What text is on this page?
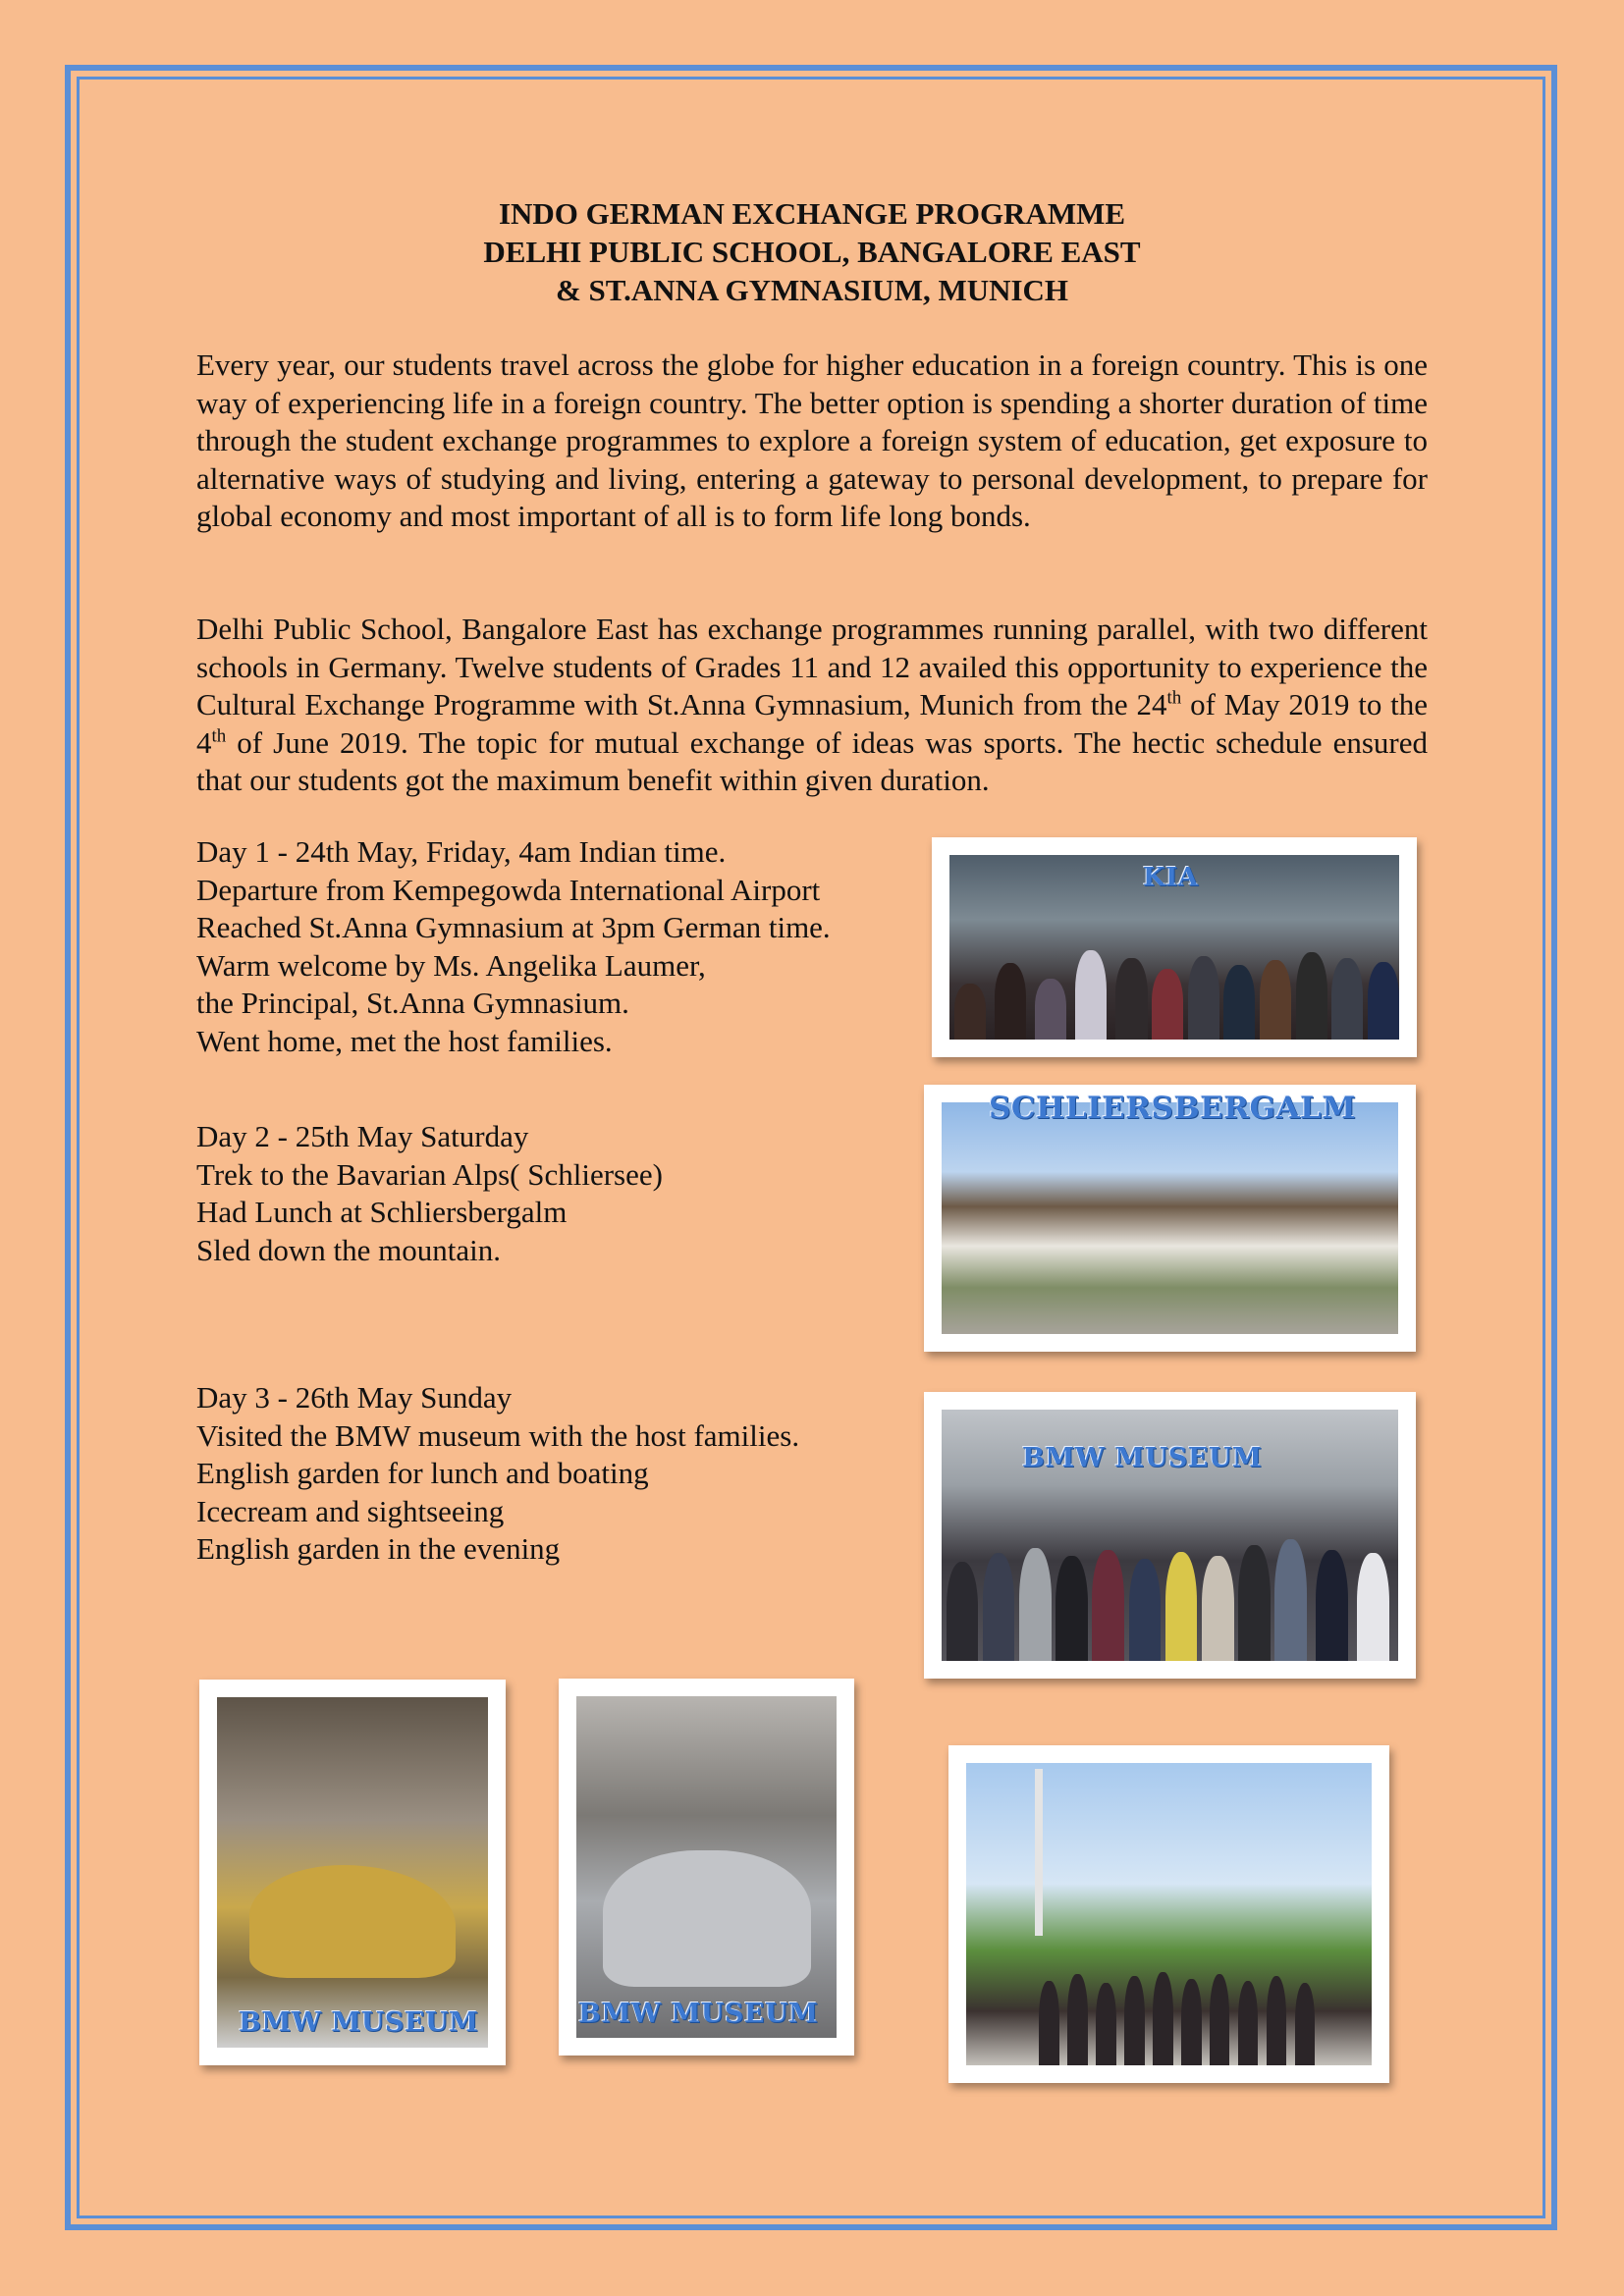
INDO GERMAN EXCHANGE PROGRAMME
DELHI PUBLIC SCHOOL, BANGALORE EAST
& ST.ANNA GYMNASIUM, MUNICH
Every year, our students travel across the globe for higher education in a foreign country. This is one way of experiencing life in a foreign country. The better option is spending a shorter duration of time through the student exchange programmes to explore a foreign system of education, get exposure to alternative ways of studying and living, entering a gateway to personal development, to prepare for global economy and most important of all is to form life long bonds.
Delhi Public School, Bangalore East has exchange programmes running parallel, with two different schools in Germany. Twelve students of Grades 11 and 12 availed this opportunity to experience the Cultural Exchange Programme with St.Anna Gymnasium, Munich from the 24th of May 2019 to the 4th of June 2019. The topic for mutual exchange of ideas was sports. The hectic schedule ensured that our students got the maximum benefit within given duration.
Day 1 - 24th May, Friday, 4am Indian time.
Departure from Kempegowda International Airport
Reached St.Anna Gymnasium at 3pm German time.
Warm welcome by Ms. Angelika Laumer,
the Principal, St.Anna Gymnasium.
Went home, met the host families.
Day 2 - 25th May Saturday
Trek to the Bavarian Alps( Schliersee)
Had Lunch at Schliersbergalm
Sled down the mountain.
Day 3 - 26th May Sunday
Visited the BMW museum with the host families.
English garden for lunch and boating
Icecream and sightseeing
English garden in the evening
KIA
SCHLIERSBERGALM
BMW MUSEUM
BMW MUSEUM	BMW MUSEUM
